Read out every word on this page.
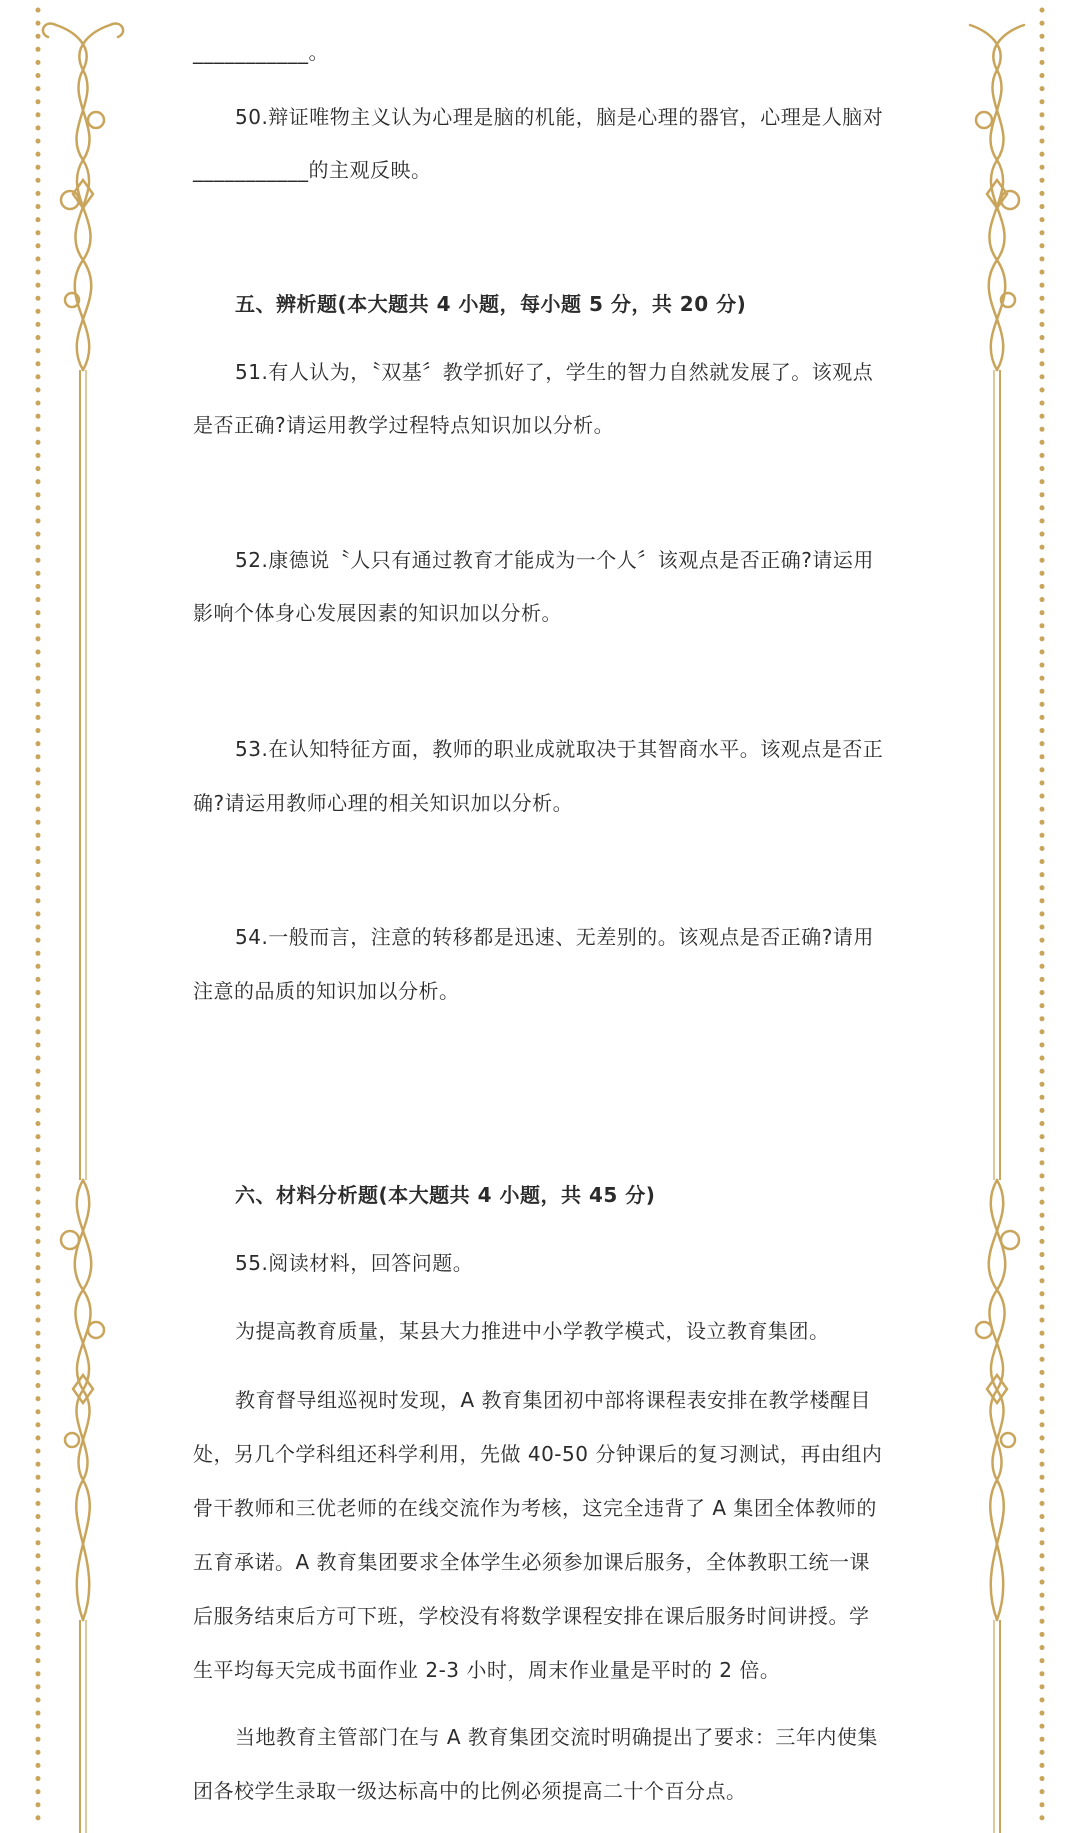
___________。

50.辩证唯物主义认为心理是脑的机能，脑是心理的器官，心理是人脑对

___________的主观反映。

五、辨析题(本大题共 4 小题，每小题 5 分，共 20 分)

51.有人认为，〝双基〞教学抓好了，学生的智力自然就发展了。该观点

是否正确?请运用教学过程特点知识加以分析。

52.康德说〝人只有通过教育才能成为一个人〞该观点是否正确?请运用

影响个体身心发展因素的知识加以分析。

53.在认知特征方面，教师的职业成就取决于其智商水平。该观点是否正

确?请运用教师心理的相关知识加以分析。

54.一般而言，注意的转移都是迅速、无差别的。该观点是否正确?请用

注意的品质的知识加以分析。

六、材料分析题(本大题共 4 小题，共 45 分)

55.阅读材料，回答问题。

为提高教育质量，某县大力推进中小学教学模式，设立教育集团。

教育督导组巡视时发现，A 教育集团初中部将课程表安排在教学楼醒目

处，另几个学科组还科学利用，先做 40-50 分钟课后的复习测试，再由组内

骨干教师和三优老师的在线交流作为考核，这完全违背了 A 集团全体教师的

五育承诺。A 教育集团要求全体学生必须参加课后服务，全体教职工统一课

后服务结束后方可下班，学校没有将数学课程安排在课后服务时间讲授。学

生平均每天完成书面作业 2-3 小时，周末作业量是平时的 2 倍。

当地教育主管部门在与 A 教育集团交流时明确提出了要求：三年内使集

团各校学生录取一级达标高中的比例必须提高二十个百分点。
